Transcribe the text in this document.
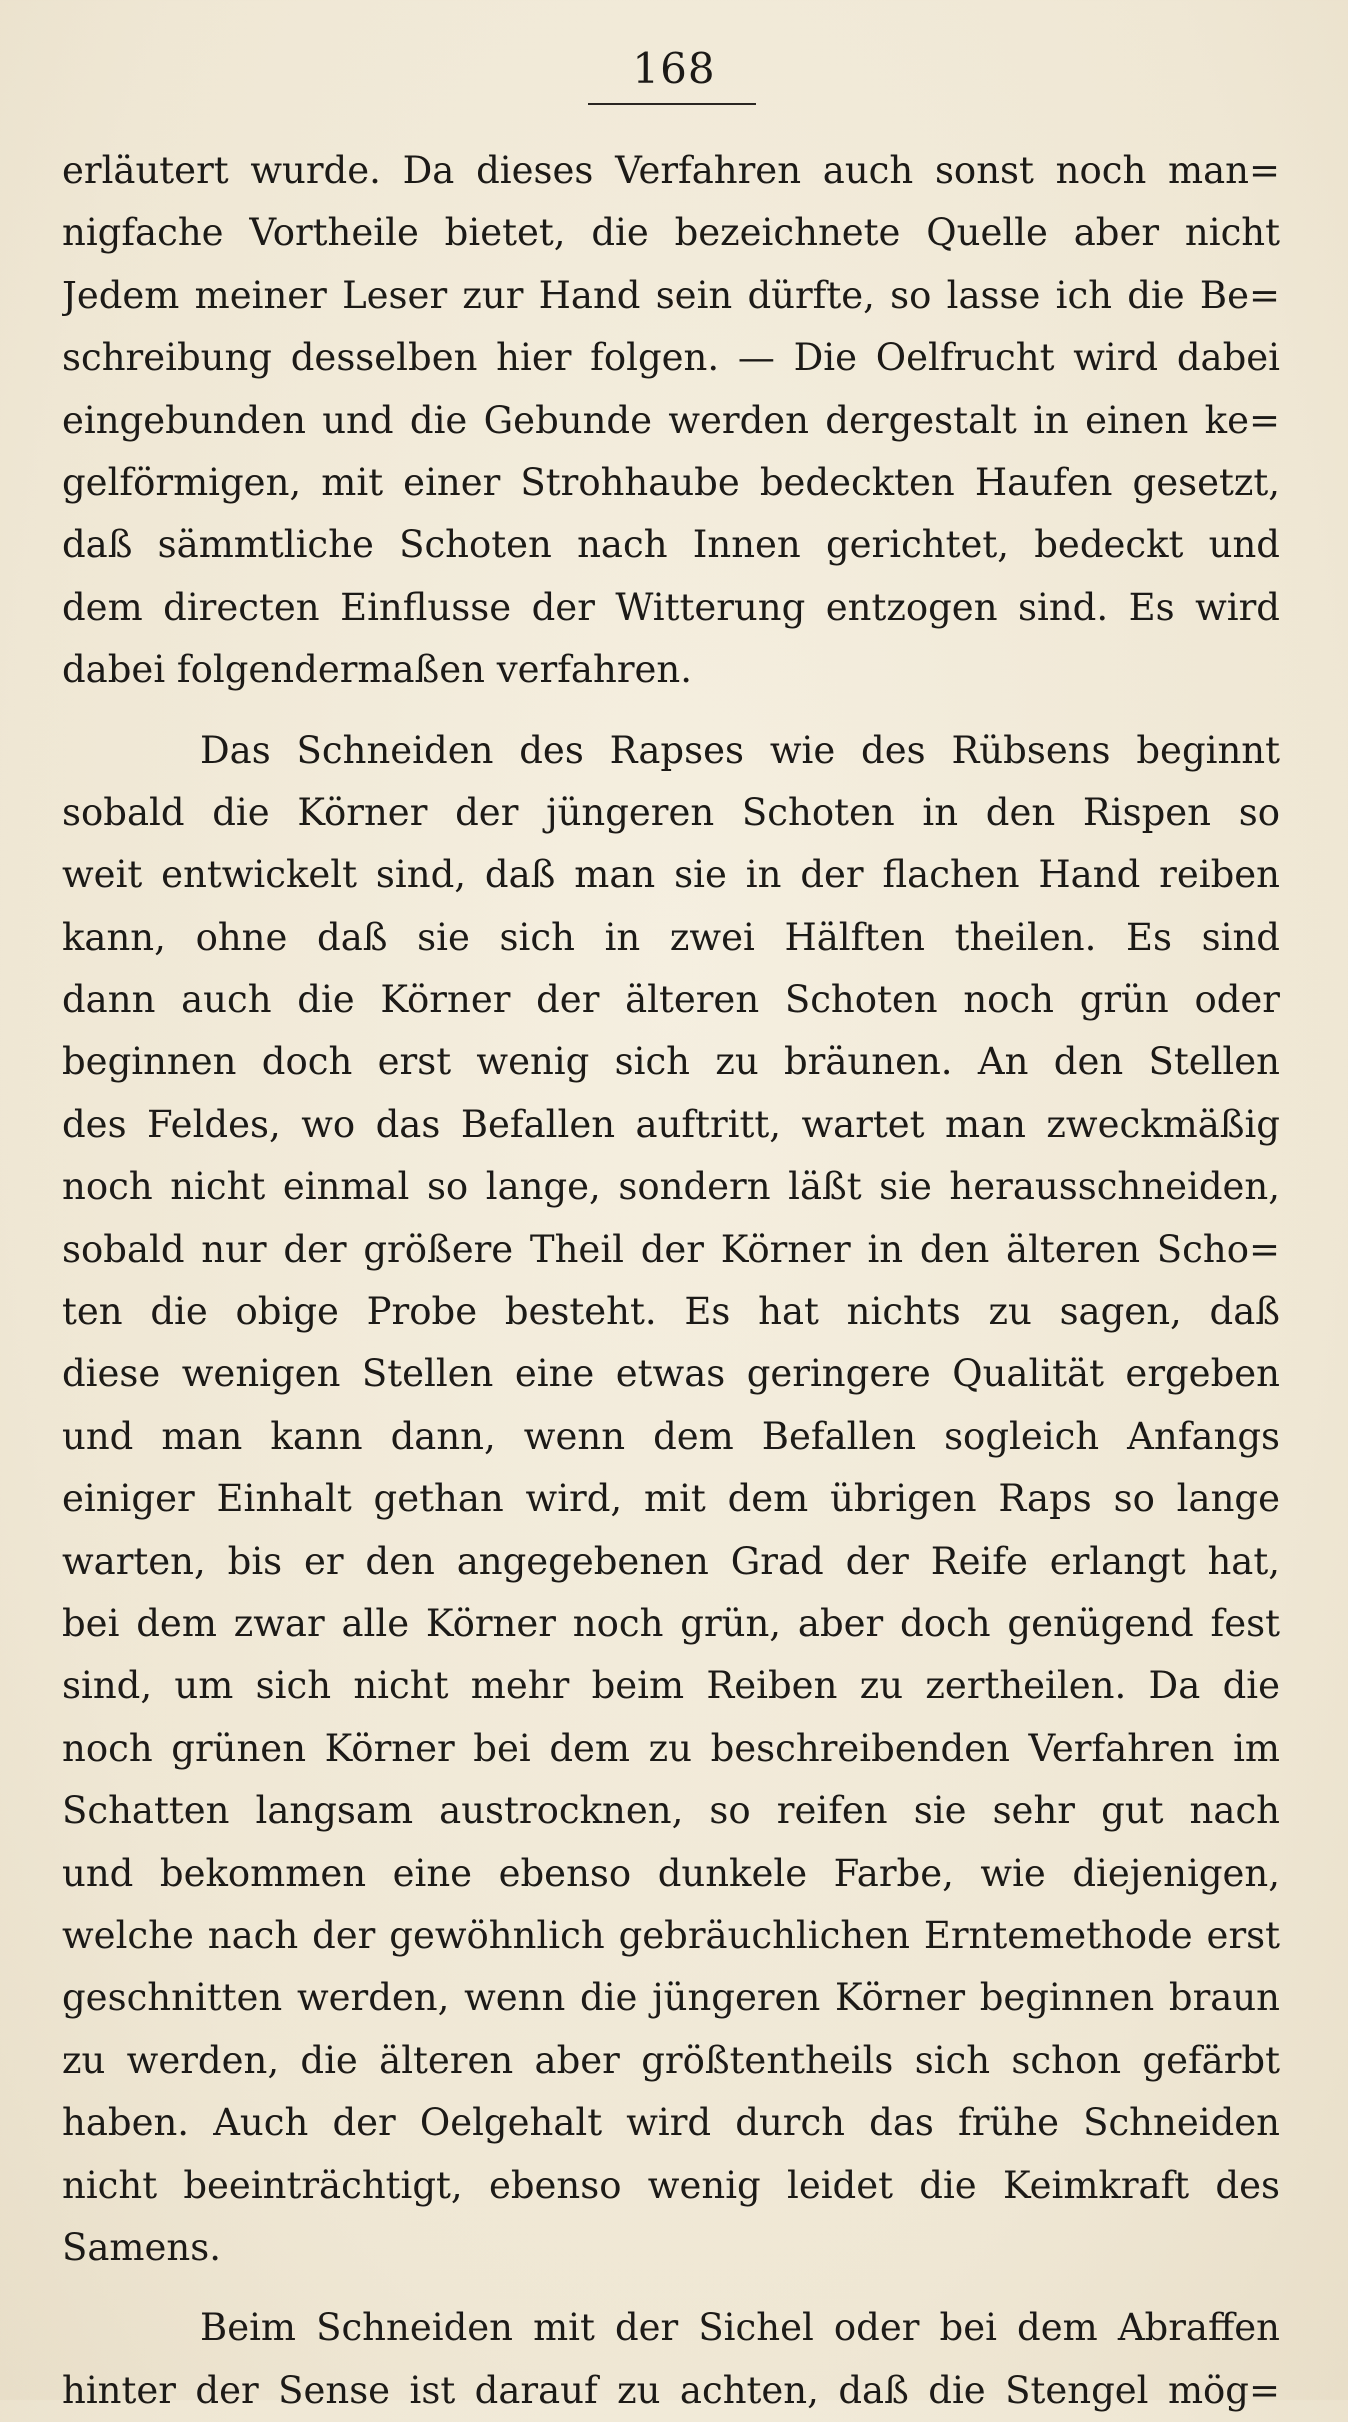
168
erläutert wurde. Da dieses Verfahren auch sonst noch man=
nigfache Vortheile bietet, die bezeichnete Quelle aber nicht
Jedem meiner Leser zur Hand sein dürfte, so lasse ich die Be=
schreibung desselben hier folgen. — Die Oelfrucht wird dabei
eingebunden und die Gebunde werden dergestalt in einen ke=
gelförmigen, mit einer Strohhaube bedeckten Haufen gesetzt,
daß sämmtliche Schoten nach Innen gerichtet, bedeckt und
dem directen Einflusse der Witterung entzogen sind. Es wird
dabei folgendermaßen verfahren.
Das Schneiden des Rapses wie des Rübsens beginnt
sobald die Körner der jüngeren Schoten in den Rispen so
weit entwickelt sind, daß man sie in der flachen Hand reiben
kann, ohne daß sie sich in zwei Hälften theilen. Es sind
dann auch die Körner der älteren Schoten noch grün oder
beginnen doch erst wenig sich zu bräunen. An den Stellen
des Feldes, wo das Befallen auftritt, wartet man zweckmäßig
noch nicht einmal so lange, sondern läßt sie herausschneiden,
sobald nur der größere Theil der Körner in den älteren Scho=
ten die obige Probe besteht. Es hat nichts zu sagen, daß
diese wenigen Stellen eine etwas geringere Qualität ergeben
und man kann dann, wenn dem Befallen sogleich Anfangs
einiger Einhalt gethan wird, mit dem übrigen Raps so lange
warten, bis er den angegebenen Grad der Reife erlangt hat,
bei dem zwar alle Körner noch grün, aber doch genügend fest
sind, um sich nicht mehr beim Reiben zu zertheilen. Da die
noch grünen Körner bei dem zu beschreibenden Verfahren im
Schatten langsam austrocknen, so reifen sie sehr gut nach
und bekommen eine ebenso dunkele Farbe, wie diejenigen,
welche nach der gewöhnlich gebräuchlichen Erntemethode erst
geschnitten werden, wenn die jüngeren Körner beginnen braun
zu werden, die älteren aber größtentheils sich schon gefärbt
haben. Auch der Oelgehalt wird durch das frühe Schneiden
nicht beeinträchtigt, ebenso wenig leidet die Keimkraft des
Samens.
Beim Schneiden mit der Sichel oder bei dem Abraffen
hinter der Sense ist darauf zu achten, daß die Stengel mög=
